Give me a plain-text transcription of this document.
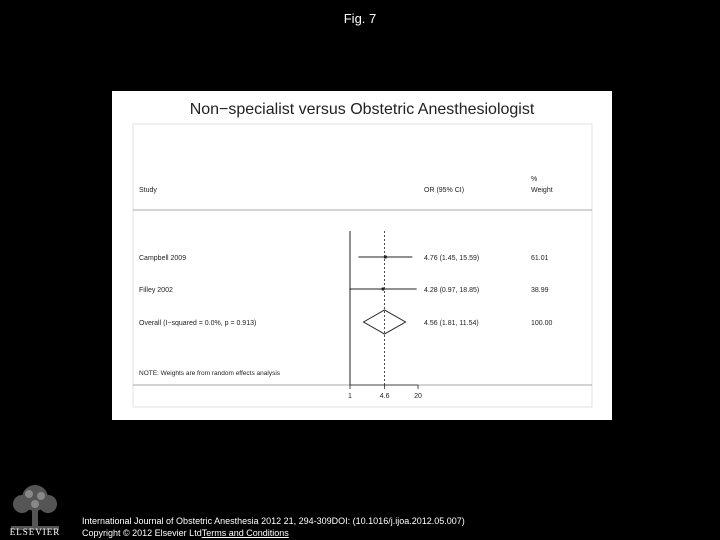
Fig. 7
Non−specialist versus Obstetric Anesthesiologist
Study	OR (95% CI)
%
Weight
Campbell 2009	4.76 (1.45, 15.59)	61.01
Filley 2002	4.28 (0.97, 18.85)	38.99
Overall (I−squared = 0.0%, p = 0.913)	4.56 (1.81, 11.54)	100.00
NOTE: Weights are from random effects analysis
1	4.6	20
ELSEVIER
International Journal of Obstetric Anesthesia 2012 21, 294-309DOI: (10.1016/j.ijoa.2012.05.007)
Copyright © 2012 Elsevier LtdTerms and Conditions
